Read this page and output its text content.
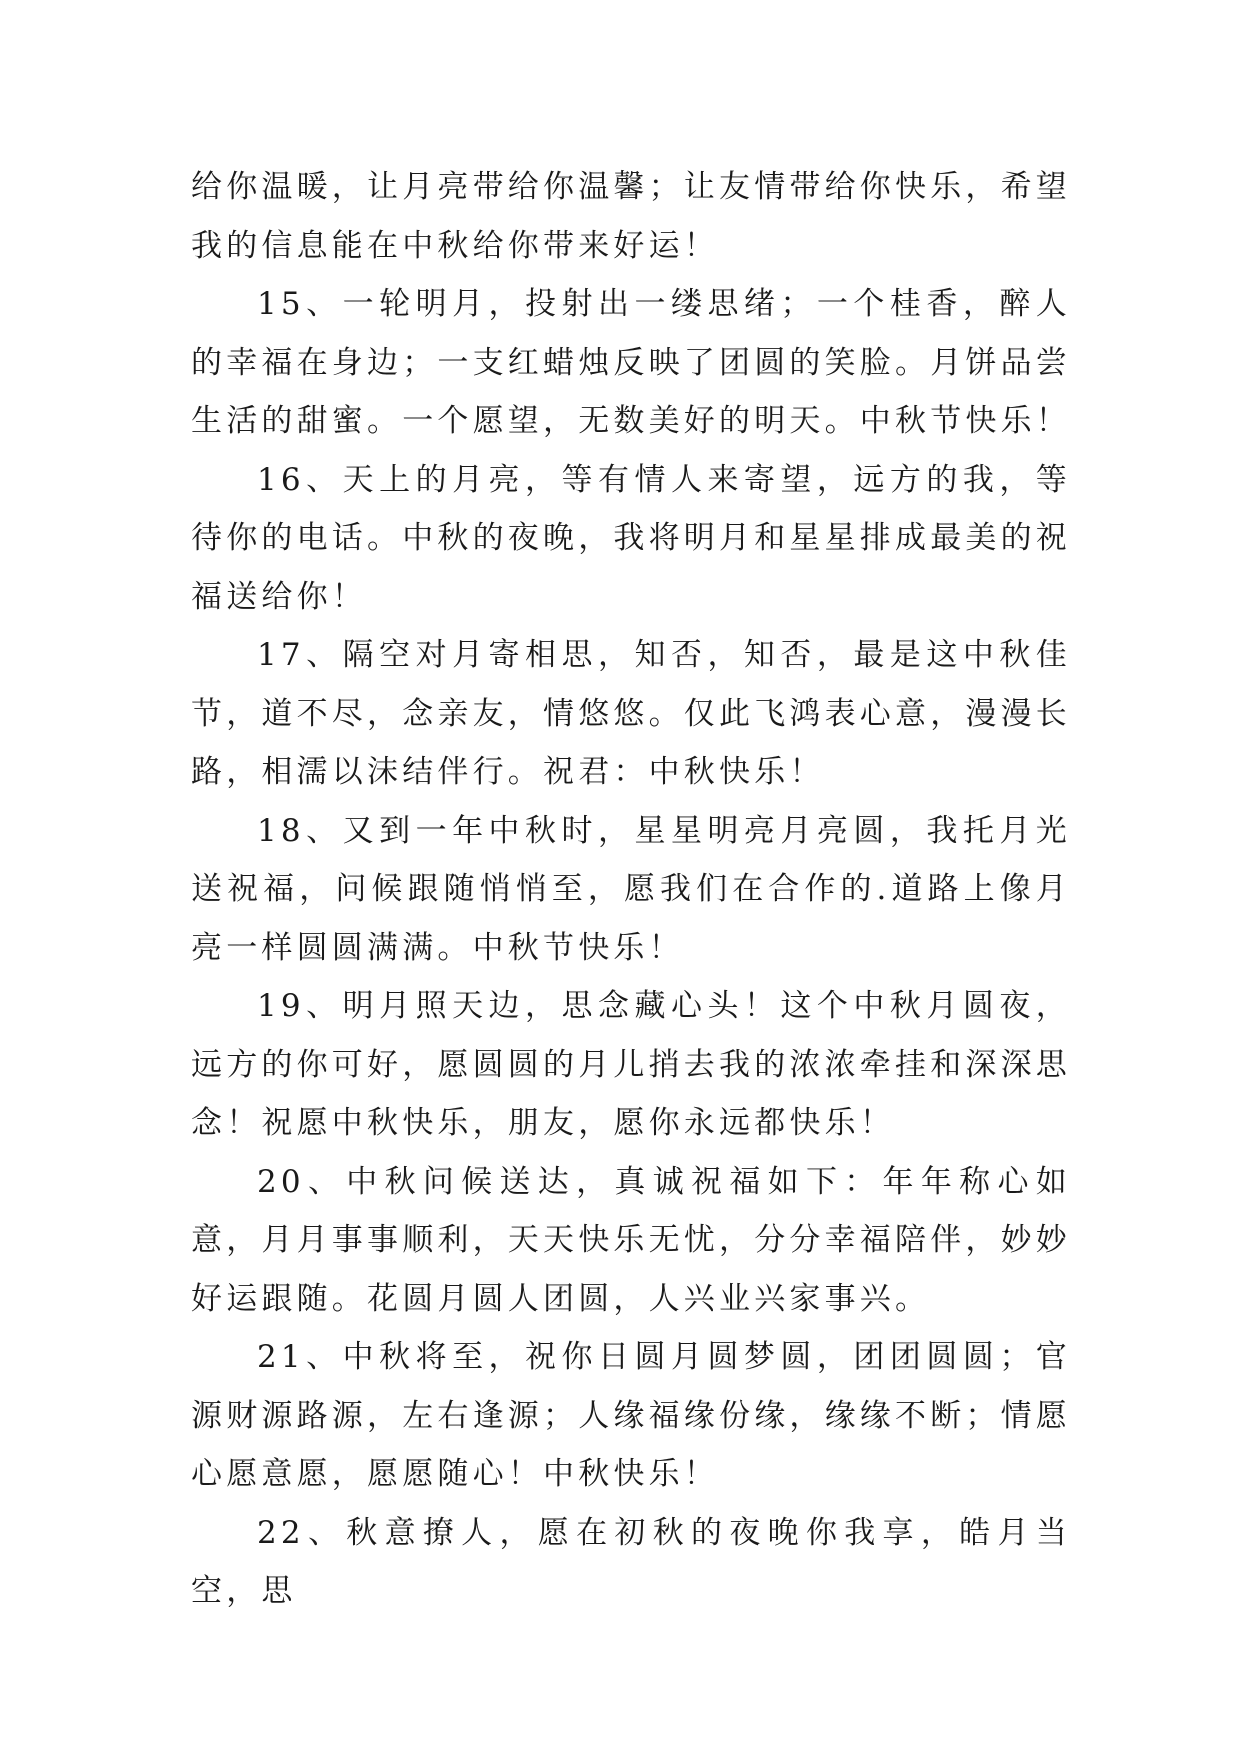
给你温暖，让月亮带给你温馨；让友情带给你快乐，希望我的信息能在中秋给你带来好运！

15、一轮明月，投射出一缕思绪；一个桂香，醉人的幸福在身边；一支红蜡烛反映了团圆的笑脸。月饼品尝生活的甜蜜。一个愿望，无数美好的明天。中秋节快乐！

16、天上的月亮，等有情人来寄望，远方的我，等待你的电话。中秋的夜晚，我将明月和星星排成最美的祝福送给你！

17、隔空对月寄相思，知否，知否，最是这中秋佳节，道不尽，念亲友，情悠悠。仅此飞鸿表心意，漫漫长路，相濡以沫结伴行。祝君：中秋快乐！

18、又到一年中秋时，星星明亮月亮圆，我托月光送祝福，问候跟随悄悄至，愿我们在合作的.道路上像月亮一样圆圆满满。中秋节快乐！

19、明月照天边，思念藏心头！这个中秋月圆夜，远方的你可好，愿圆圆的月儿捎去我的浓浓牵挂和深深思念！祝愿中秋快乐，朋友，愿你永远都快乐！

20、中秋问候送达，真诚祝福如下：年年称心如意，月月事事顺利，天天快乐无忧，分分幸福陪伴，妙妙好运跟随。花圆月圆人团圆，人兴业兴家事兴。

21、中秋将至，祝你日圆月圆梦圆，团团圆圆；官源财源路源，左右逢源；人缘福缘份缘，缘缘不断；情愿心愿意愿，愿愿随心！中秋快乐！

22、秋意撩人，愿在初秋的夜晚你我享，皓月当空，思
